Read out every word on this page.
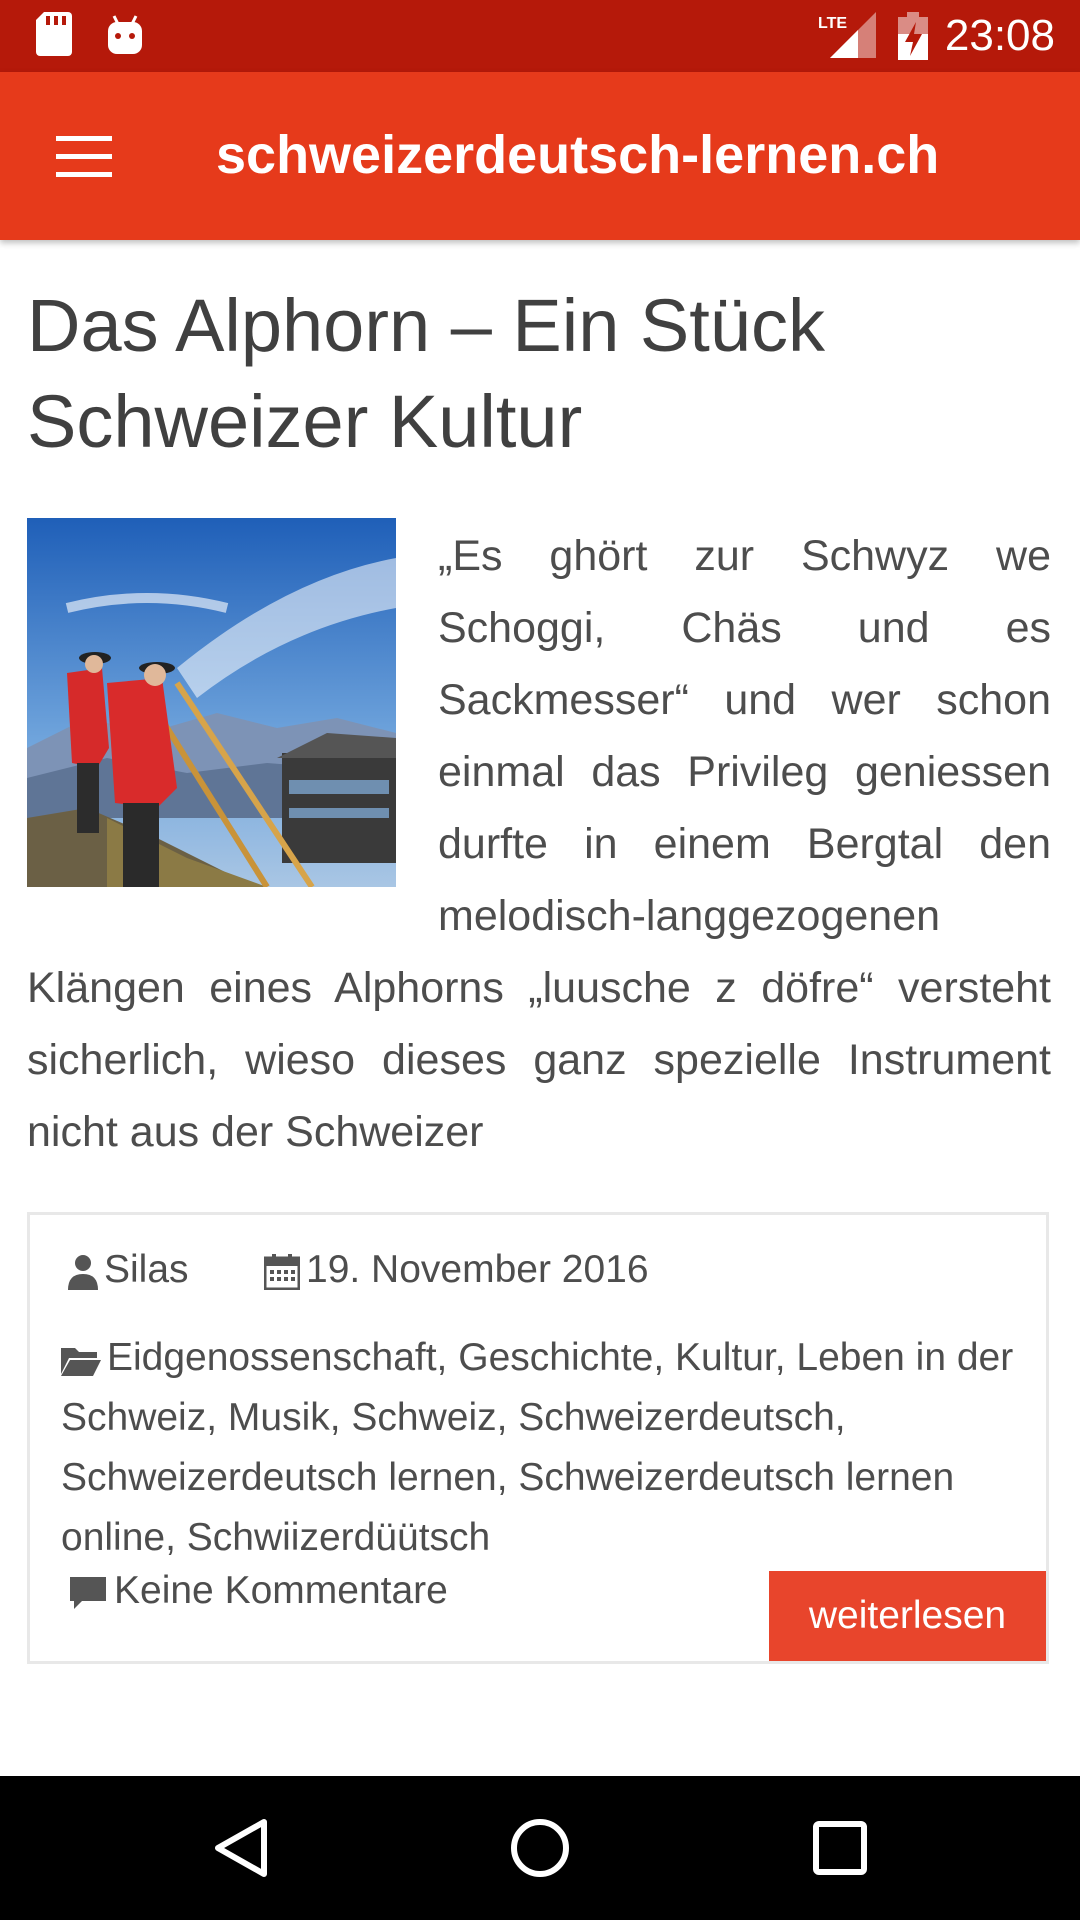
LTE 23:08
schweizerdeutsch-lernen.ch
Das Alphorn – Ein Stück
Schweizer Kultur

„Es ghört zur Schwyz we Schoggi, Chäs und es Sackmesser“ und wer schon einmal das Privileg geniessen durfte in einem Bergtal den melodisch-langgezogenen

Klängen eines Alphorns „luusche z döfre“ versteht sicherlich, wieso dieses ganz spezielle Instrument nicht aus der Schweizer

Silas	19. November 2016
Eidgenossenschaft, Geschichte, Kultur, Leben in der Schweiz, Musik, Schweiz, Schweizerdeutsch, Schweizerdeutsch lernen, Schweizerdeutsch lernen online, Schwiizerdüütsch
Keine Kommentare
weiterlesen
